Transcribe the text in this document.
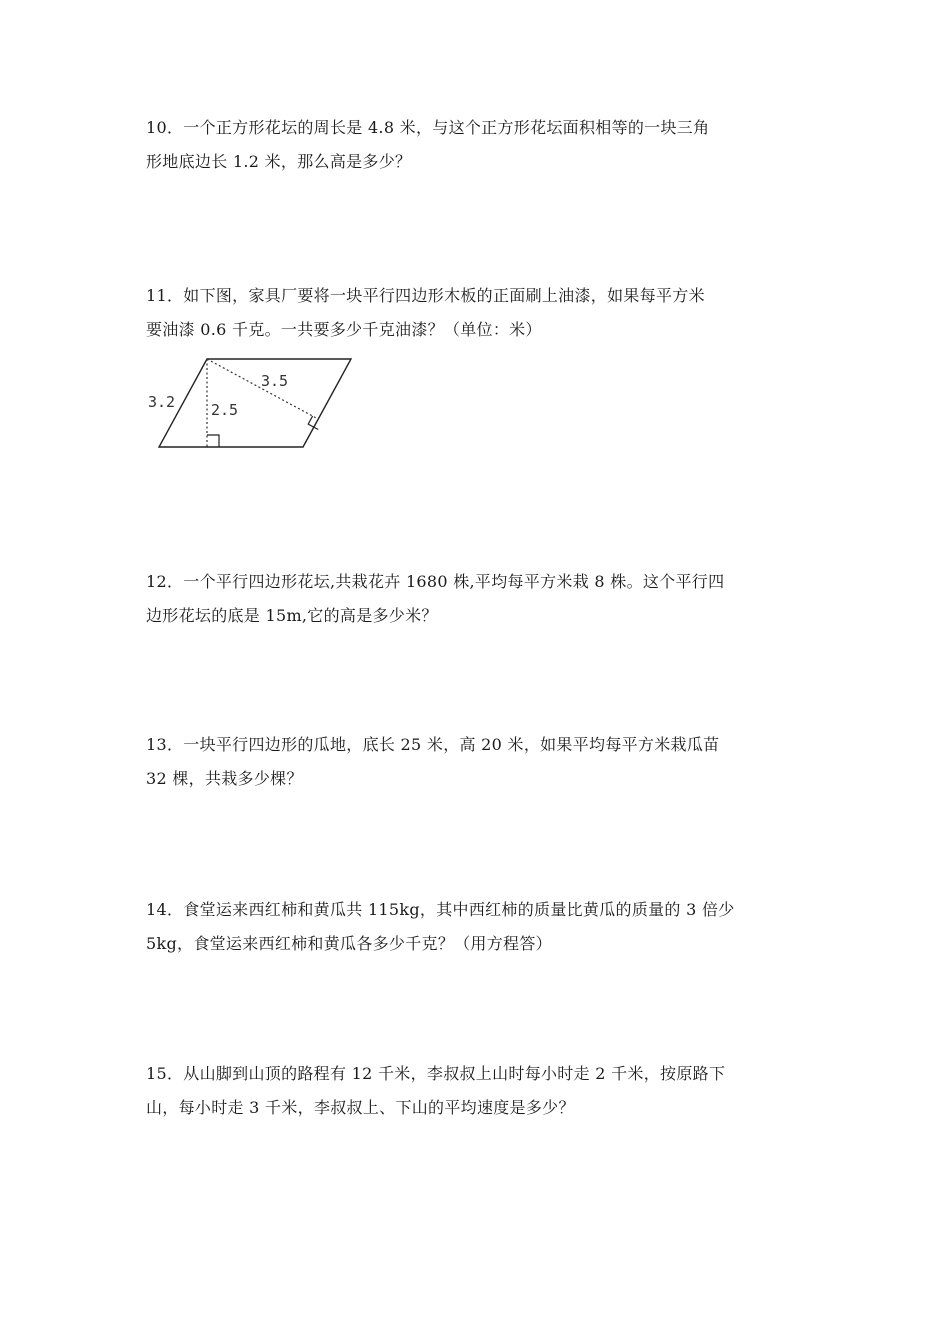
10．一个正方形花坛的周长是 4.8 米，与这个正方形花坛面积相等的一块三角
形地底边长 1.2 米，那么高是多少？
11．如下图，家具厂要将一块平行四边形木板的正面刷上油漆，如果每平方米
要油漆 0.6 千克。一共要多少千克油漆？（单位：米）
3.2 2.5
3.5
12．一个平行四边形花坛,共栽花卉 1680 株,平均每平方米栽 8 株。这个平行四
边形花坛的底是 15m,它的高是多少米？
13．一块平行四边形的瓜地，底长 25 米，高 20 米，如果平均每平方米栽瓜苗
32 棵，共栽多少棵？
14．食堂运来西红柿和黄瓜共 115kg，其中西红柿的质量比黄瓜的质量的 3 倍少
5kg，食堂运来西红柿和黄瓜各多少千克？（用方程答）
15．从山脚到山顶的路程有 12 千米，李叔叔上山时每小时走 2 千米，按原路下
山，每小时走 3 千米，李叔叔上、下山的平均速度是多少？
